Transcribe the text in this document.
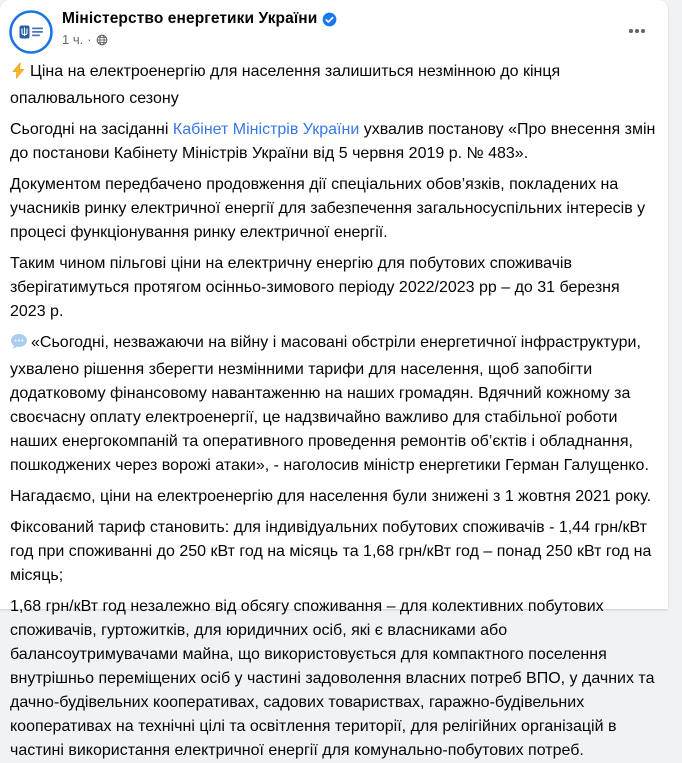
Міністерство енергетики України
1 ч. ·

Ціна на електроенергію для населення залишиться незмінною до кінця опалювального сезону

Сьогодні на засіданні Кабінет Міністрів України ухвалив постанову «Про внесення змін до постанови Кабінету Міністрів України від 5 червня 2019 р. № 483».

Документом передбачено продовження дії спеціальних обов’язків, покладених на учасників ринку електричної енергії для забезпечення загальносуспільних інтересів у процесі функціонування ринку електричної енергії.

Таким чином пільгові ціни на електричну енергію для побутових споживачів зберігатимуться протягом осінньо-зимового періоду 2022/2023 рр – до 31 березня 2023 р.

«Сьогодні, незважаючи на війну і масовані обстріли енергетичної інфраструктури, ухвалено рішення зберегти незмінними тарифи для населення, щоб запобігти додатковому фінансовому навантаженню на наших громадян. Вдячний кожному за своєчасну оплату електроенергії, це надзвичайно важливо для стабільної роботи наших енергокомпаній та оперативного проведення ремонтів об’єктів і обладнання, пошкоджених через ворожі атаки», - наголосив міністр енергетики Герман Галущенко.

Нагадаємо, ціни на електроенергію для населення були знижені з 1 жовтня 2021 року.

Фіксований тариф становить: для індивідуальних побутових споживачів - 1,44 грн/кВт год при споживанні до 250 кВт год на місяць та 1,68 грн/кВт год – понад 250 кВт год на місяць;

1,68 грн/кВт год незалежно від обсягу споживання – для колективних побутових споживачів, гуртожитків, для юридичних осіб, які є власниками або балансоутримувачами майна, що використовується для компактного поселення внутрішньо переміщених осіб у частині задоволення власних потреб ВПО, у дачних та дачно-будівельних кооперативах, садових товариствах, гаражно-будівельних кооперативах на технічні цілі та освітлення території, для релігійних організацій в частині використання електричної енергії для комунально-побутових потреб.
